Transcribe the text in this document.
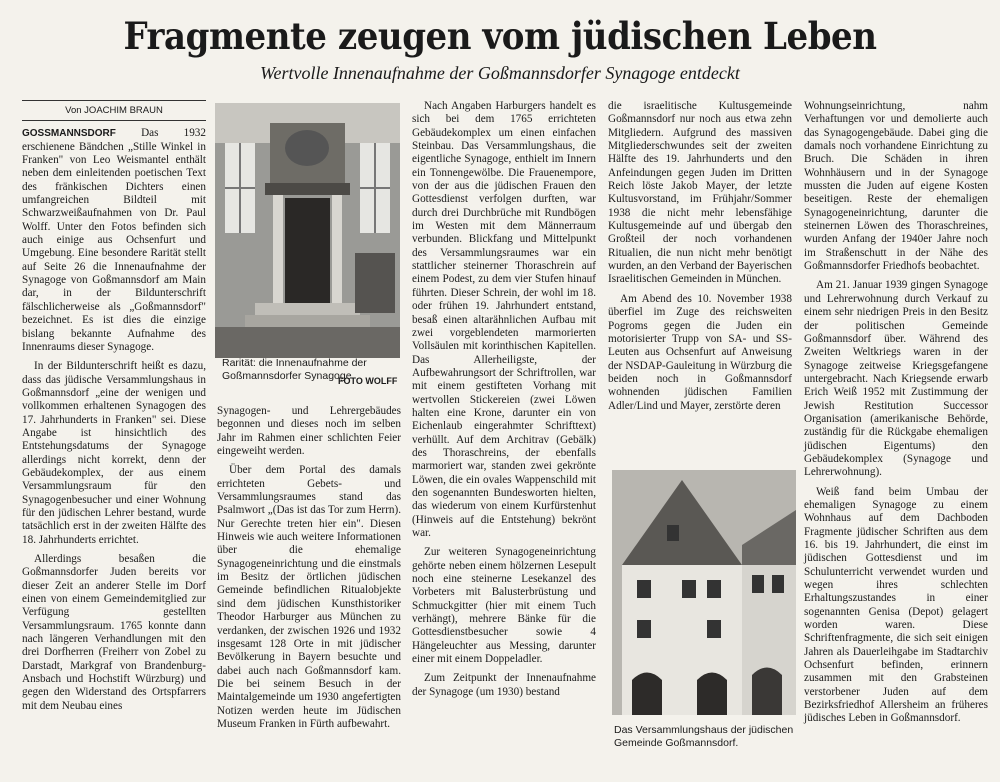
Fragmente zeugen vom jüdischen Leben
Wertvolle Innenaufnahme der Goßmannsdorfer Synagoge entdeckt
Von JOACHIM BRAUN

GOSSMANNSDORF Das 1932 erschienene Bändchen „Stille Winkel in Franken" von Leo Weismantel enthält neben dem einleitenden poetischen Text des fränkischen Dichters einen umfangreichen Bildteil mit Schwarzweißaufnahmen von Dr. Paul Wolff. Unter den Fotos befinden sich auch einige aus Ochsenfurt und Umgebung. Eine besondere Rarität stellt auf Seite 26 die Innenaufnahme der Synagoge von Goßmannsdorf am Main dar, in der Bildunterschrift fälschlicherweise als „Goßmannsdorf" bezeichnet. Es ist dies die einzige bislang bekannte Aufnahme des Innenraums dieser Synagoge.

In der Bildunterschrift heißt es dazu, dass das jüdische Versammlungshaus in Goßmannsdorf „eine der wenigen und vollkommen erhaltenen Synagogen des 17. Jahrhunderts in Franken" sei. Diese Angabe ist hinsichtlich des Entstehungsdatums der Synagoge allerdings nicht korrekt, denn der Gebäudekomplex, der aus einem Versammlungsraum für den Synagogenbesucher und einer Wohnung für den jüdischen Lehrer bestand, wurde tatsächlich erst in der zweiten Hälfte des 18. Jahrhunderts errichtet.

Allerdings besaßen die Goßmannsdorfer Juden bereits vor dieser Zeit an anderer Stelle im Dorf einen von einem Gemeindemitglied zur Verfügung gestellten Versammlungsraum. 1765 konnte dann nach längeren Verhandlungen mit den drei Dorfherren (Freiherr von Zobel zu Darstadt, Markgraf von Brandenburg-Ansbach und Hochstift Würzburg) und gegen den Widerstand des Ortspfarrers mit dem Neubau eines

Rarität: die Innenaufnahme der Goßmannsdorfer Synagoge.
FOTO WOLFF

Synagogen- und Lehrergebäudes begonnen und dieses noch im selben Jahr im Rahmen einer schlichten Feier eingeweiht werden.

Über dem Portal des damals errichteten Gebets- und Versammlungsraumes stand das Psalmwort „(Das ist das Tor zum Herrn). Nur Gerechte treten hier ein". Diesen Hinweis wie auch weitere Informationen über die ehemalige Synagogeneinrichtung und die einstmals im Besitz der örtlichen jüdischen Gemeinde befindlichen Ritualobjekte sind dem jüdischen Kunsthistoriker Theodor Harburger aus München zu verdanken, der zwischen 1926 und 1932 insgesamt 128 Orte in mit jüdischer Bevölkerung in Bayern besuchte und dabei auch nach Goßmannsdorf kam. Die bei seinem Besuch in der Maintalgemeinde um 1930 angefertigten Notizen werden heute im Jüdischen Museum Franken in Fürth aufbewahrt.

Nach Angaben Harburgers handelt es sich bei dem 1765 errichteten Gebäudekomplex um einen einfachen Steinbau. Das Versammlungshaus, die eigentliche Synagoge, enthielt im Innern ein Tonnengewölbe. Die Frauenempore, von der aus die jüdischen Frauen den Gottesdienst verfolgen durften, war durch drei Durchbrüche mit Rundbögen im Westen mit dem Männerraum verbunden. Blickfang und Mittelpunkt des Versammlungsraumes war ein stattlicher steinerner Thoraschrein auf einem Podest, zu dem vier Stufen hinauf führten. Dieser Schrein, der wohl im 18. oder frühen 19. Jahrhundert entstand, besaß einen altarähnlichen Aufbau mit zwei vorgeblendeten marmorierten Vollsäulen mit korinthischen Kapitellen. Das Allerheiligste, der Aufbewahrungsort der Schriftrollen, war mit einem gestifteten Vorhang mit wertvollen Stickereien (zwei Löwen halten eine Krone, darunter ein von Eichenlaub eingerahmter Schrifttext) verhüllt. Auf dem Architrav (Gebälk) des Thoraschreins, der ebenfalls marmoriert war, standen zwei gekrönte Löwen, die ein ovales Wappenschild mit den sogenannten Bundesworten hielten, das wiederum von einem Kurfürstenhut (Hinweis auf die Entstehung) bekrönt war.

Zur weiteren Synagogeneinrichtung gehörte neben einem hölzernen Lesepult noch eine steinerne Lesekanzel des Vorbeters mit Balusterbrüstung und Schmuckgitter (hier mit einem Tuch verhängt), mehrere Bänke für die Gottesdienstbesucher sowie 4 Hängeleuchter aus Messing, darunter einer mit einem Doppeladler.

Zum Zeitpunkt der Innenaufnahme der Synagoge (um 1930) bestand

die israelitische Kultusgemeinde Goßmannsdorf nur noch aus etwa zehn Mitgliedern. Aufgrund des massiven Mitgliederschwundes seit der zweiten Hälfte des 19. Jahrhunderts und den Anfeindungen gegen Juden im Dritten Reich löste Jakob Mayer, der letzte Kultusvorstand, im Frühjahr/Sommer 1938 die nicht mehr lebensfähige Kultusgemeinde auf und übergab den Großteil der noch vorhandenen Ritualien, die nun nicht mehr benötigt wurden, an den Verband der Bayerischen Israelitischen Gemeinden in München.

Am Abend des 10. November 1938 überfiel im Zuge des reichsweiten Pogroms gegen die Juden ein motorisierter Trupp von SA- und SS-Leuten aus Ochsenfurt auf Anweisung der NSDAP-Gauleitung in Würzburg die beiden noch in Goßmannsdorf wohnenden jüdischen Familien Adler/Lind und Mayer, zerstörte deren

Das Versammlungshaus der jüdischen Gemeinde Goßmannsdorf.

Wohnungseinrichtung, nahm Verhaftungen vor und demolierte auch das Synagogengebäude. Dabei ging die damals noch vorhandene Einrichtung zu Bruch. Die Schäden in ihren Wohnhäusern und in der Synagoge mussten die Juden auf eigene Kosten beseitigen. Reste der ehemaligen Synagogeneinrichtung, darunter die steinernen Löwen des Thoraschreines, wurden Anfang der 1940er Jahre noch im Straßenschutt in der Nähe des Goßmannsdorfer Friedhofs beobachtet.

Am 21. Januar 1939 gingen Synagoge und Lehrerwohnung durch Verkauf zu einem sehr niedrigen Preis in den Besitz der politischen Gemeinde Goßmannsdorf über. Während des Zweiten Weltkriegs waren in der Synagoge zeitweise Kriegsgefangene untergebracht. Nach Kriegsende erwarb Erich Weiß 1952 mit Zustimmung der Jewish Restitution Successor Organisation (amerikanische Behörde, zuständig für die Rückgabe ehemaligen jüdischen Eigentums) den Gebäudekomplex (Synagoge und Lehrerwohnung).

Weiß fand beim Umbau der ehemaligen Synagoge zu einem Wohnhaus auf dem Dachboden Fragmente jüdischer Schriften aus dem 16. bis 19. Jahrhundert, die einst im jüdischen Gottesdienst und im Schulunterricht verwendet wurden und wegen ihres schlechten Erhaltungszustandes in einer sogenannten Genisa (Depot) gelagert worden waren. Diese Schriftenfragmente, die sich seit einigen Jahren als Dauerleihgabe im Stadtarchiv Ochsenfurt befinden, erinnern zusammen mit den Grabsteinen verstorbener Juden auf dem Bezirksfriedhof Allersheim an früheres jüdisches Leben in Goßmannsdorf.
